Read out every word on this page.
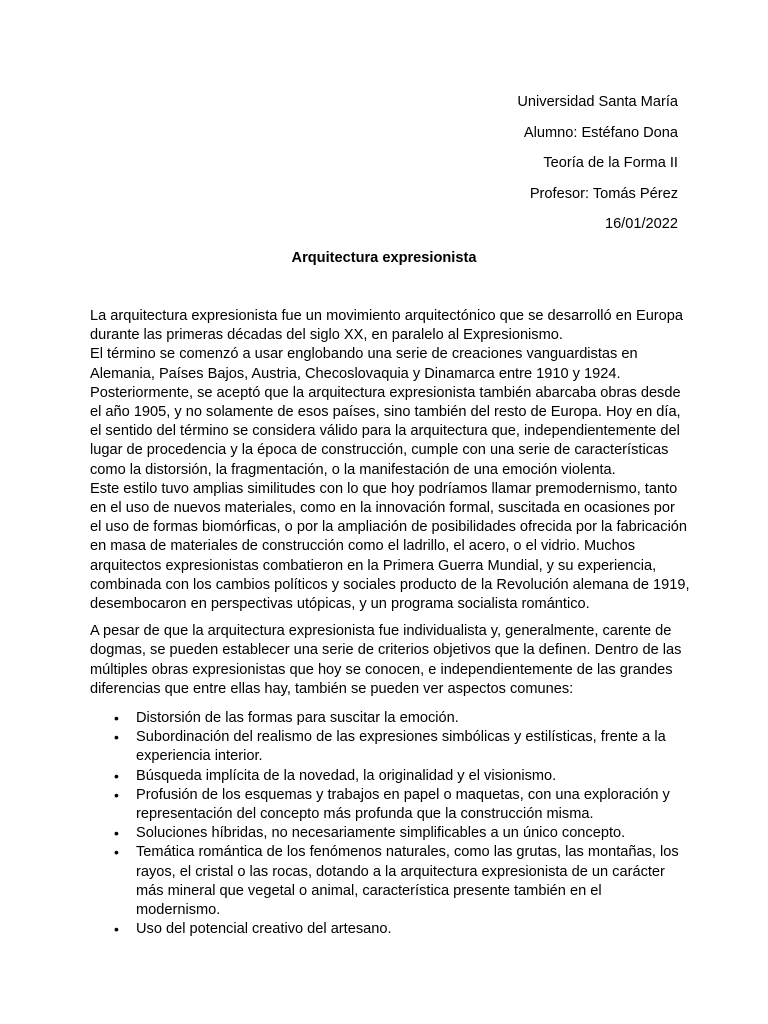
Universidad Santa María
Alumno: Estéfano Dona
Teoría de la Forma II
Profesor: Tomás Pérez
16/01/2022
Arquitectura expresionista

La arquitectura expresionista fue un movimiento arquitectónico que se desarrolló en Europa durante las primeras décadas del siglo XX, en paralelo al Expresionismo.

El término se comenzó a usar englobando una serie de creaciones vanguardistas en Alemania, Países Bajos, Austria, Checoslovaquia y Dinamarca entre 1910 y 1924. Posteriormente, se aceptó que la arquitectura expresionista también abarcaba obras desde el año 1905, y no solamente de esos países, sino también del resto de Europa. Hoy en día, el sentido del término se considera válido para la arquitectura que, independientemente del lugar de procedencia y la época de construcción, cumple con una serie de características como la distorsión, la fragmentación, o la manifestación de una emoción violenta.

Este estilo tuvo amplias similitudes con lo que hoy podríamos llamar premodernismo, tanto en el uso de nuevos materiales, como en la innovación formal, suscitada en ocasiones por el uso de formas biomórficas, o por la ampliación de posibilidades ofrecida por la fabricación en masa de materiales de construcción como el ladrillo, el acero, o el vidrio. Muchos arquitectos expresionistas combatieron en la Primera Guerra Mundial, y su experiencia, combinada con los cambios políticos y sociales producto de la Revolución alemana de 1919, desembocaron en perspectivas utópicas, y un programa socialista romántico.

A pesar de que la arquitectura expresionista fue individualista y, generalmente, carente de dogmas, se pueden establecer una serie de criterios objetivos que la definen. Dentro de las múltiples obras expresionistas que hoy se conocen, e independientemente de las grandes diferencias que entre ellas hay, también se pueden ver aspectos comunes:

• Distorsión de las formas para suscitar la emoción.
• Subordinación del realismo de las expresiones simbólicas y estilísticas, frente a la experiencia interior.
• Búsqueda implícita de la novedad, la originalidad y el visionismo.
• Profusión de los esquemas y trabajos en papel o maquetas, con una exploración y representación del concepto más profunda que la construcción misma.
• Soluciones híbridas, no necesariamente simplificables a un único concepto.
• Temática romántica de los fenómenos naturales, como las grutas, las montañas, los rayos, el cristal o las rocas, dotando a la arquitectura expresionista de un carácter más mineral que vegetal o animal, característica presente también en el modernismo.
• Uso del potencial creativo del artesano.
